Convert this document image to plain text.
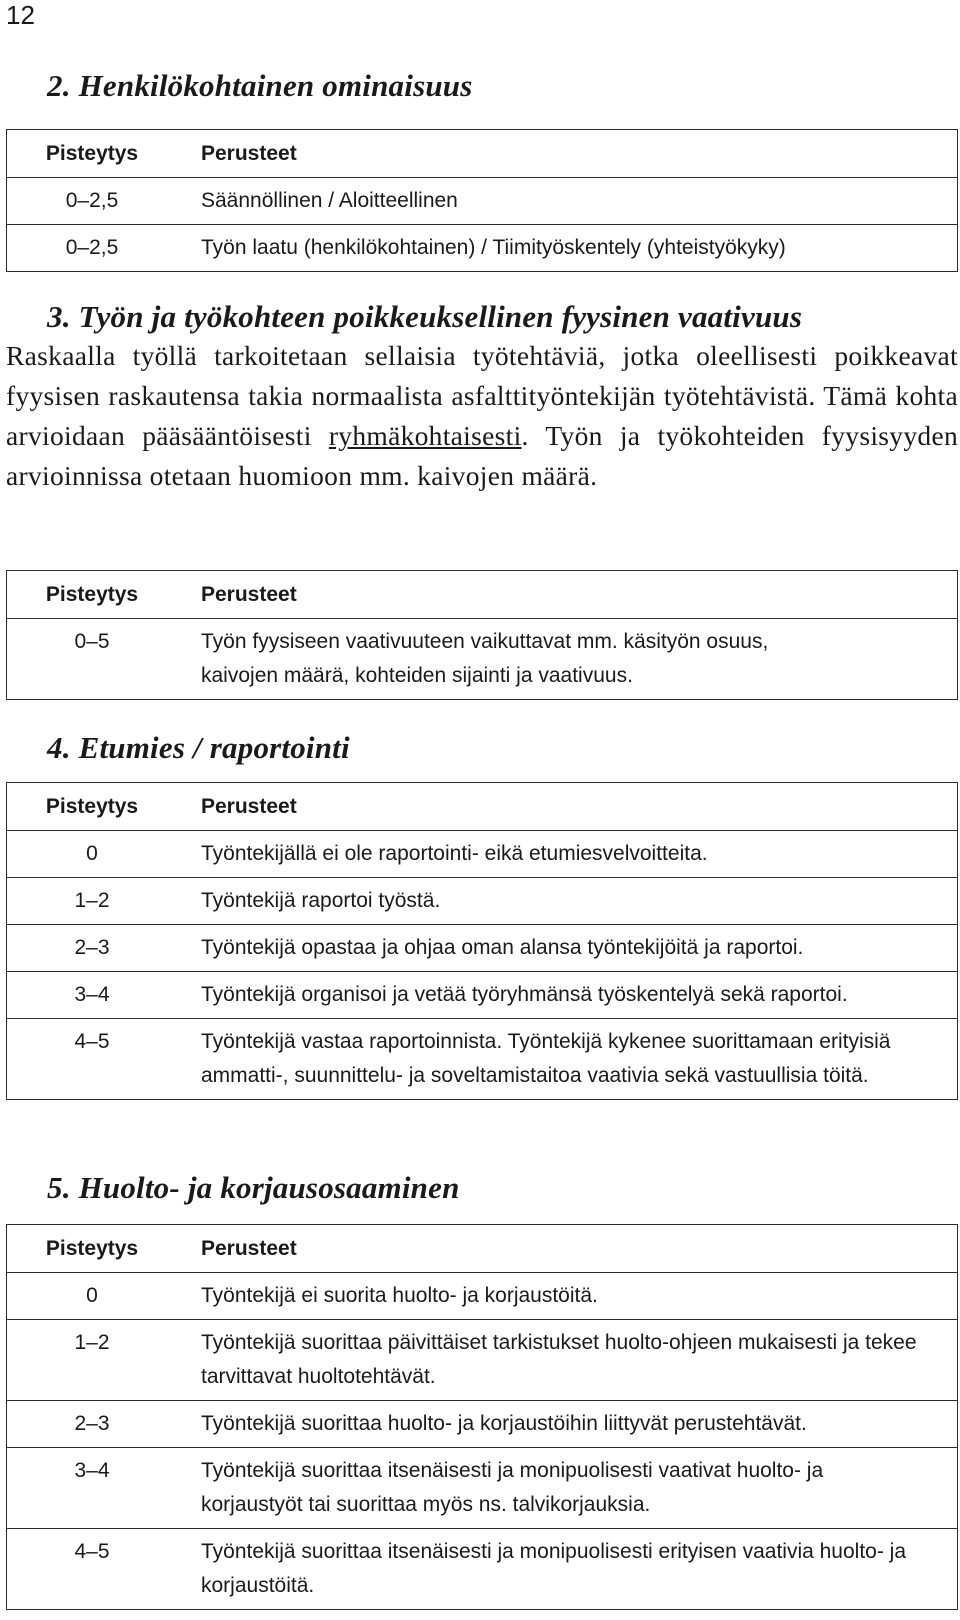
12
2. Henkilökohtainen ominaisuus
Pisteytys	Perusteet
0–2,5	Säännöllinen / Aloitteellinen
0–2,5	Työn laatu (henkilökohtainen) / Tiimityöskentely (yhteistyökyky)
3. Työn ja työkohteen poikkeuksellinen fyysinen vaativuus

Raskaalla työllä tarkoitetaan sellaisia työtehtäviä, jotka oleellisesti poikkeavat fyysisen raskautensa takia normaalista asfalttityöntekijän työtehtävistä. Tämä kohta arvioidaan pääsääntöisesti ryhmäkohtaisesti. Työn ja työkohteiden fyysisyyden arvioinnissa otetaan huomioon mm. kaivojen määrä.

Pisteytys	Perusteet
0–5	Työn fyysiseen vaativuuteen vaikuttavat mm. käsityön osuus, kaivojen määrä, kohteiden sijainti ja vaativuus.
4. Etumies / raportointi
Pisteytys	Perusteet
0	Työntekijällä ei ole raportointi- eikä etumiesvelvoitteita.
1–2	Työntekijä raportoi työstä.
2–3	Työntekijä opastaa ja ohjaa oman alansa työntekijöitä ja raportoi.
3–4	Työntekijä organisoi ja vetää työryhmänsä työskentelyä sekä raportoi.
4–5	Työntekijä vastaa raportoinnista. Työntekijä kykenee suorittamaan erityisiä ammatti-, suunnittelu- ja soveltamistaitoa vaativia sekä vastuullisia töitä.
5. Huolto- ja korjausosaaminen
Pisteytys	Perusteet
0	Työntekijä ei suorita huolto- ja korjaustöitä.
1–2	Työntekijä suorittaa päivittäiset tarkistukset huolto-ohjeen mukaisesti ja tekee tarvittavat huoltotehtävät.
2–3	Työntekijä suorittaa huolto- ja korjaustöihin liittyvät perustehtävät.
3–4	Työntekijä suorittaa itsenäisesti ja monipuolisesti vaativat huolto- ja korjaustyöt tai suorittaa myös ns. talvikorjauksia.
4–5	Työntekijä suorittaa itsenäisesti ja monipuolisesti erityisen vaativia huolto- ja korjaustöitä.
